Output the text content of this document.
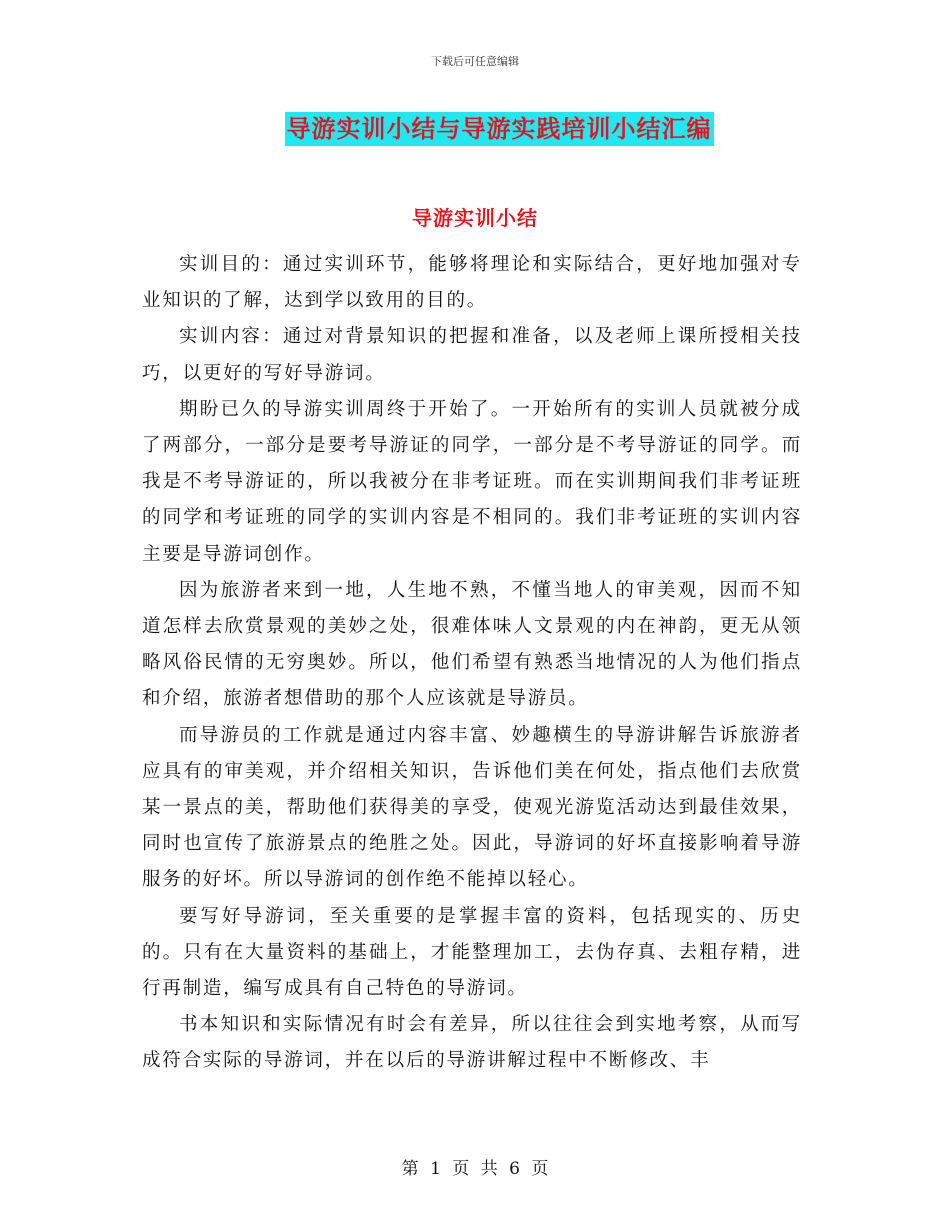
下载后可任意编辑
导游实训小结与导游实践培训小结汇编
导游实训小结

实训目的：通过实训环节，能够将理论和实际结合，更好地加强对专业知识的了解，达到学以致用的目的。

实训内容：通过对背景知识的把握和准备，以及老师上课所授相关技巧，以更好的写好导游词。

期盼已久的导游实训周终于开始了。一开始所有的实训人员就被分成了两部分，一部分是要考导游证的同学，一部分是不考导游证的同学。而我是不考导游证的，所以我被分在非考证班。而在实训期间我们非考证班的同学和考证班的同学的实训内容是不相同的。我们非考证班的实训内容主要是导游词创作。

因为旅游者来到一地，人生地不熟，不懂当地人的审美观，因而不知道怎样去欣赏景观的美妙之处，很难体味人文景观的内在神韵，更无从领略风俗民情的无穷奥妙。所以，他们希望有熟悉当地情况的人为他们指点和介绍，旅游者想借助的那个人应该就是导游员。

而导游员的工作就是通过内容丰富、妙趣横生的导游讲解告诉旅游者应具有的审美观，并介绍相关知识，告诉他们美在何处，指点他们去欣赏某一景点的美，帮助他们获得美的享受，使观光游览活动达到最佳效果，同时也宣传了旅游景点的绝胜之处。因此，导游词的好坏直接影响着导游服务的好坏。所以导游词的创作绝不能掉以轻心。

要写好导游词，至关重要的是掌握丰富的资料，包括现实的、历史的。只有在大量资料的基础上，才能整理加工，去伪存真、去粗存精，进行再制造，编写成具有自己特色的导游词。

书本知识和实际情况有时会有差异，所以往往会到实地考察，从而写成符合实际的导游词，并在以后的导游讲解过程中不断修改、丰

第 1 页 共 6 页
